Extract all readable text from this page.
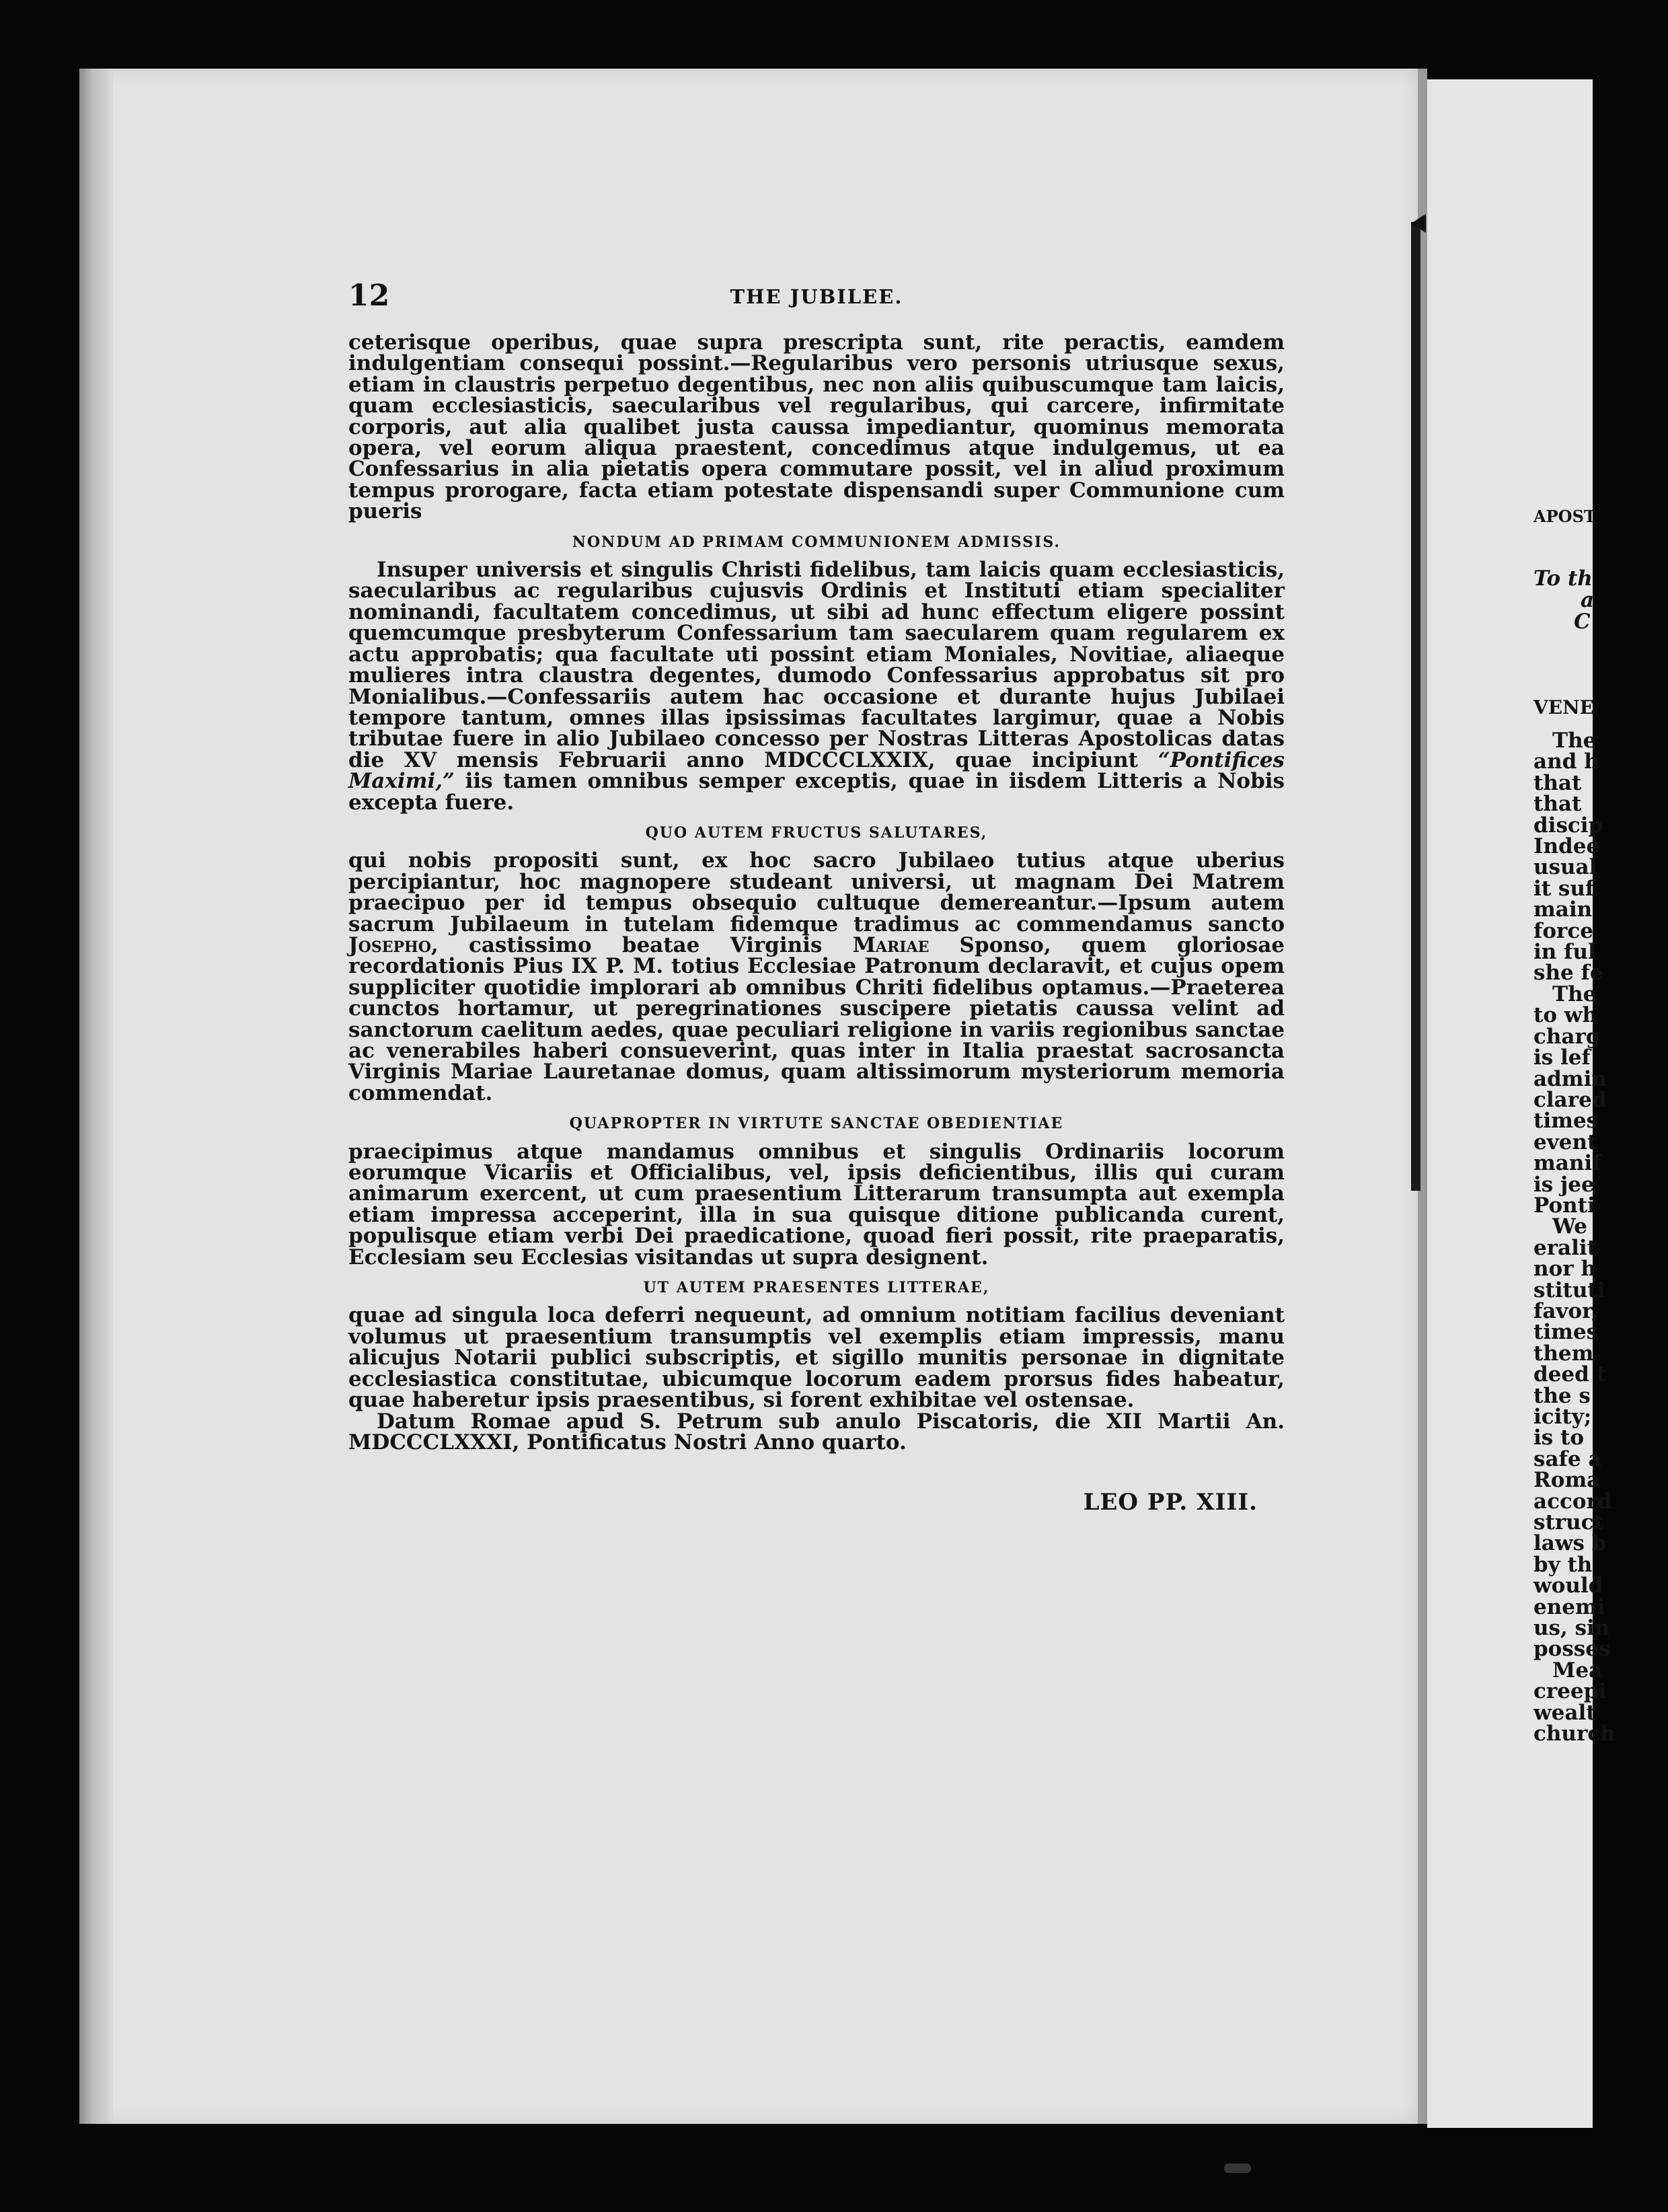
12	THE JUBILEE.

ceterisque operibus, quae supra prescripta sunt, rite peractis, eamdem indulgentiam consequi possint.—Regularibus vero personis utriusque sexus, etiam in claustris perpetuo degentibus, nec non aliis quibuscumque tam laicis, quam ecclesiasticis, saecularibus vel regularibus, qui carcere, infirmitate corporis, aut alia qualibet justa caussa impediantur, quominus memorata opera, vel eorum aliqua praestent, concedimus atque indulgemus, ut ea Confessarius in alia pietatis opera commutare possit, vel in aliud proximum tempus prorogare, facta etiam potestate dispensandi super Communione cum pueris

NONDUM AD PRIMAM COMMUNIONEM ADMISSIS.

Insuper universis et singulis Christi fidelibus, tam laicis quam ecclesiasticis, saecularibus ac regularibus cujusvis Ordinis et Instituti etiam specialiter nominandi, facultatem concedimus, ut sibi ad hunc effectum eligere possint quemcumque presbyterum Confessarium tam saecularem quam regularem ex actu approbatis; qua facultate uti possint etiam Moniales, Novitiae, aliaeque mulieres intra claustra degentes, dumodo Confessarius approbatus sit pro Monialibus.—Confessariis autem hac occasione et durante hujus Jubilaei tempore tantum, omnes illas ipsissimas facultates largimur, quae a Nobis tributae fuere in alio Jubilaeo concesso per Nostras Litteras Apostolicas datas die XV mensis Februarii anno MDCCCLXXIX, quae incipiunt “Pontifices Maximi,” iis tamen omnibus semper exceptis, quae in iisdem Litteris a Nobis excepta fuere.

QUO AUTEM FRUCTUS SALUTARES,

qui nobis propositi sunt, ex hoc sacro Jubilaeo tutius atque uberius percipiantur, hoc magnopere studeant universi, ut magnam Dei Matrem praecipuo per id tempus obsequio cultuque demereantur.—Ipsum autem sacrum Jubilaeum in tutelam fidemque tradimus ac commendamus sancto Josepho, castissimo beatae Virginis Mariae Sponso, quem gloriosae recordationis Pius IX P. M. totius Ecclesiae Patronum declaravit, et cujus opem suppliciter quotidie implorari ab omnibus Chriti fidelibus optamus.—Praeterea cunctos hortamur, ut peregrinationes suscipere pietatis caussa velint ad sanctorum caelitum aedes, quae peculiari religione in variis regionibus sanctae ac venerabiles haberi consueverint, quas inter in Italia praestat sacrosancta Virginis Mariae Lauretanae domus, quam altissimorum mysteriorum memoria commendat.

QUAPROPTER IN VIRTUTE SANCTAE OBEDIENTIAE

praecipimus atque mandamus omnibus et singulis Ordinariis locorum eorumque Vicariis et Officialibus, vel, ipsis deficientibus, illis qui curam animarum exercent, ut cum praesentium Litterarum transumpta aut exempla etiam impressa acceperint, illa in sua quisque ditione publicanda curent, populisque etiam verbi Dei praedicatione, quoad fieri possit, rite praeparatis, Ecclesiam seu Ecclesias visitandas ut supra designent.

UT AUTEM PRAESENTES LITTERAE,

quae ad singula loca deferri nequeunt, ad omnium notitiam facilius deveniant volumus ut praesentium transumptis vel exemplis etiam impressis, manu alicujus Notarii publici subscriptis, et sigillo munitis personae in dignitate ecclesiastica constitutae, ubicumque locorum eadem prorsus fides habeatur, quae haberetur ipsis praesentibus, si forent exhibitae vel ostensae.

Datum Romae apud S. Petrum sub anulo Piscatoris, die XII Martii An. MDCCCLXXXI, Pontificatus Nostri Anno quarto.

LEO PP. XIII.
APOST
To th
a
C
VENE
The
and h
that
that
discip
Indee
usual
it suf
main
force
in ful
she fe
The
to wh
charg
is lef
admin
clared
times
event
manif
is jee
Ponti
We
eralit
nor h
stituti
favor,
times
them
deed t
the s
icity;
is to
safe a
Roma
accord
struct
laws b
by th
would
enemi
us, sin
posses
Mea
creepi
wealt
church
